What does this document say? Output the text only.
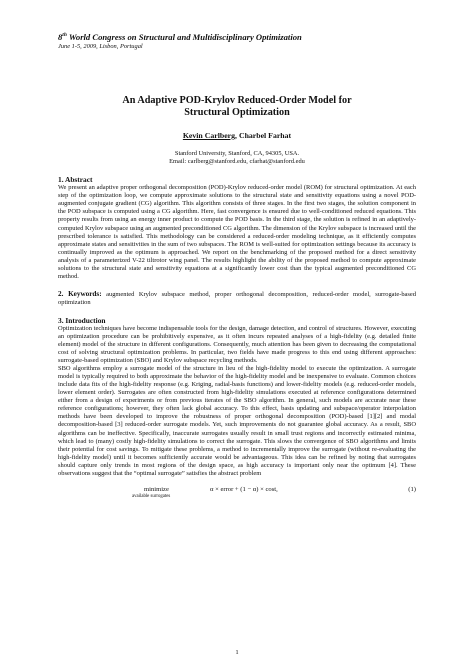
8th World Congress on Structural and Multidisciplinary Optimization
June 1-5, 2009, Lisbon, Portugal
An Adaptive POD-Krylov Reduced-Order Model for
Structural Optimization
Kevin Carlberg, Charbel Farhat
Stanford University, Stanford, CA, 94305, USA.
Email: carlberg@stanford.edu, cfarhat@stanford.edu
1. Abstract

We present an adaptive proper orthogonal decomposition (POD)-Krylov reduced-order model (ROM) for structural optimization. At each step of the optimization loop, we compute approximate solutions to the structural state and sensitivity equations using a novel POD-augmented conjugate gradient (CG) algorithm. This algorithm consists of three stages. In the first two stages, the solution component in the POD subspace is computed using a CG algorithm. Here, fast convergence is ensured due to well-conditioned reduced equations. This property results from using an energy inner product to compute the POD basis. In the third stage, the solution is refined in an adaptively-computed Krylov subspace using an augmented preconditioned CG algorithm. The dimension of the Krylov subspace is increased until the prescribed tolerance is satisfied. This methodology can be considered a reduced-order modeling technique, as it efficiently computes approximate states and sensitivities in the sum of two subspaces. The ROM is well-suited for optimization settings because its accuracy is continually improved as the optimum is approached. We report on the benchmarking of the proposed method for a direct sensitivity analysis of a parameterized V-22 tiltrotor wing panel. The results highlight the ability of the proposed method to compute approximate solutions to the structural state and sensitivity equations at a significantly lower cost than the typical augmented preconditioned CG method.

2. Keywords: augmented Krylov subspace method, proper orthogonal decomposition, reduced-order model, surrogate-based optimization

3. Introduction

Optimization techniques have become indispensable tools for the design, damage detection, and control of structures. However, executing an optimization procedure can be prohibitively expensive, as it often incurs repeated analyses of a high-fidelity (e.g. detailed finite element) model of the structure in different configurations. Consequently, much attention has been given to decreasing the computational cost of solving structural optimization problems. In particular, two fields have made progress to this end using different approaches: surrogate-based optimization (SBO) and Krylov subspace recycling methods.

SBO algorithms employ a surrogate model of the structure in lieu of the high-fidelity model to execute the optimization. A surrogate model is typically required to both approximate the behavior of the high-fidelity model and be inexpensive to evaluate. Common choices include data fits of the high-fidelity response (e.g. Kriging, radial-basis functions) and lower-fidelity models (e.g. reduced-order models, lower element order). Surrogates are often constructed from high-fidelity simulations executed at reference configurations determined either from a design of experiments or from previous iterates of the SBO algorithm. In general, such models are accurate near these reference configurations; however, they often lack global accuracy. To this effect, basis updating and subspace/operator interpolation methods have been developed to improve the robustness of proper orthogonal decomposition (POD)-based [1][2] and modal decomposition-based [3] reduced-order surrogate models. Yet, such improvements do not guarantee global accuracy. As a result, SBO algorithms can be ineffective. Specifically, inaccurate surrogates usually result in small trust regions and incorrectly estimated minima, which lead to (many) costly high-fidelity simulations to correct the surrogate. This slows the convergence of SBO algorithms and limits their potential for cost savings. To mitigate these problems, a method to incrementally improve the surrogate (without re-evaluating the high-fidelity model) until it becomes sufficiently accurate would be advantageous. This idea can be refined by noting that surrogates should capture only trends in most regions of the design space, as high accuracy is important only near the optimum [4]. These observations suggest that the “optimal surrogate” satisfies the abstract problem

minimize
available surrogates
α × error + (1 − α) × cost,	(1)
1
